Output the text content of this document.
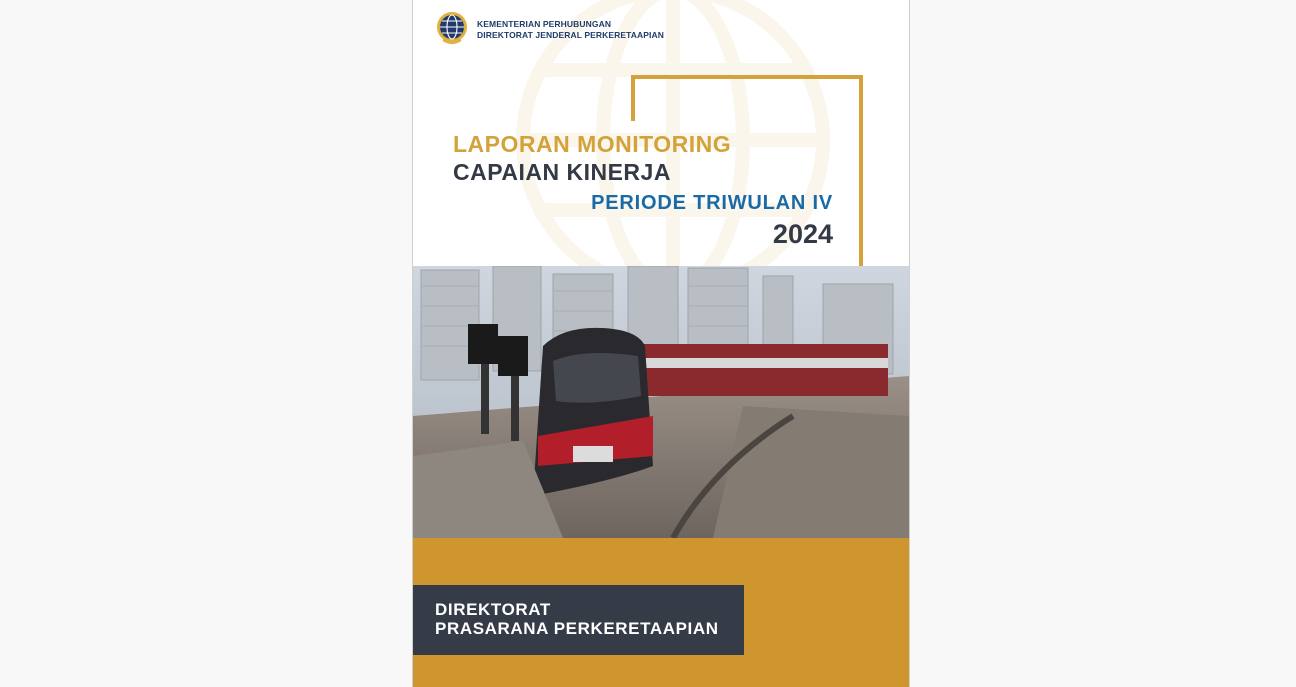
KEMENTERIAN PERHUBUNGAN
DIREKTORAT JENDERAL PERKERETAAPIAN
LAPORAN MONITORING
CAPAIAN KINERJA
PERIODE TRIWULAN IV
2024
DIREKTORAT
PRASARANA PERKERETAAPIAN
